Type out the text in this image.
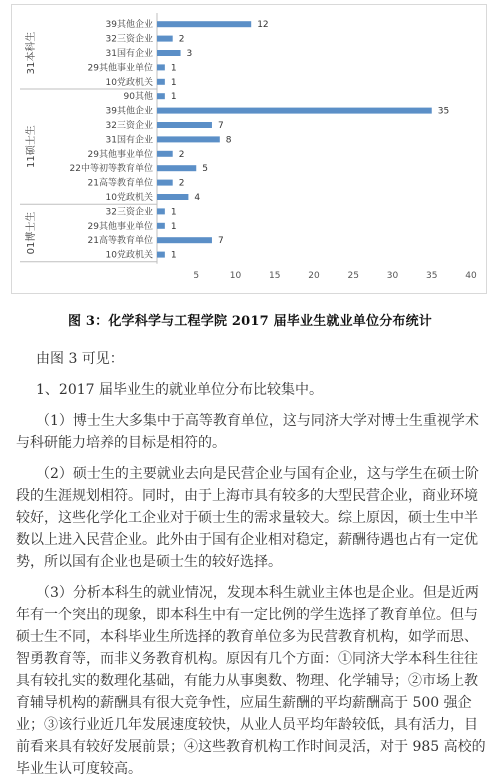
39其他企业	12
32三资企业	2
31国有企业	3
29其他事业单位 1
10党政机关 1
31本科生
90其他 1
39其他企业	35
32三资企业	7
31国有企业	8
29其他事业单位	2
22中等初等教育单位	5
21高等教育单位	2
10党政机关	4
11硕士生
32三资企业 1
29其他事业单位 1
21高等教育单位	7
10党政机关 1
01博士生
5	10	15	20	25	30	35	40
图 3：化学科学与工程学院 2017 届毕业生就业单位分布统计

由图 3 可见：

1、2017 届毕业生的就业单位分布比较集中。

（1）博士生大多集中于高等教育单位，这与同济大学对博士生重视学术与科研能力培养的目标是相符的。

（2）硕士生的主要就业去向是民营企业与国有企业，这与学生在硕士阶段的生涯规划相符。同时，由于上海市具有较多的大型民营企业，商业环境较好，这些化学化工企业对于硕士生的需求量较大。综上原因，硕士生中半数以上进入民营企业。此外由于国有企业相对稳定，薪酬待遇也占有一定优势，所以国有企业也是硕士生的较好选择。

（3）分析本科生的就业情况，发现本科生就业主体也是企业。但是近两年有一个突出的现象，即本科生中有一定比例的学生选择了教育单位。但与硕士生不同，本科毕业生所选择的教育单位多为民营教育机构，如学而思、智勇教育等，而非义务教育机构。原因有几个方面：①同济大学本科生往往具有较扎实的数理化基础，有能力从事奥数、物理、化学辅导；②市场上教育辅导机构的薪酬具有很大竞争性，应届生薪酬的平均薪酬高于 500 强企业；③该行业近几年发展速度较快，从业人员平均年龄较低，具有活力，目前看来具有较好发展前景；④这些教育机构工作时间灵活，对于 985 高校的毕业生认可度较高。
